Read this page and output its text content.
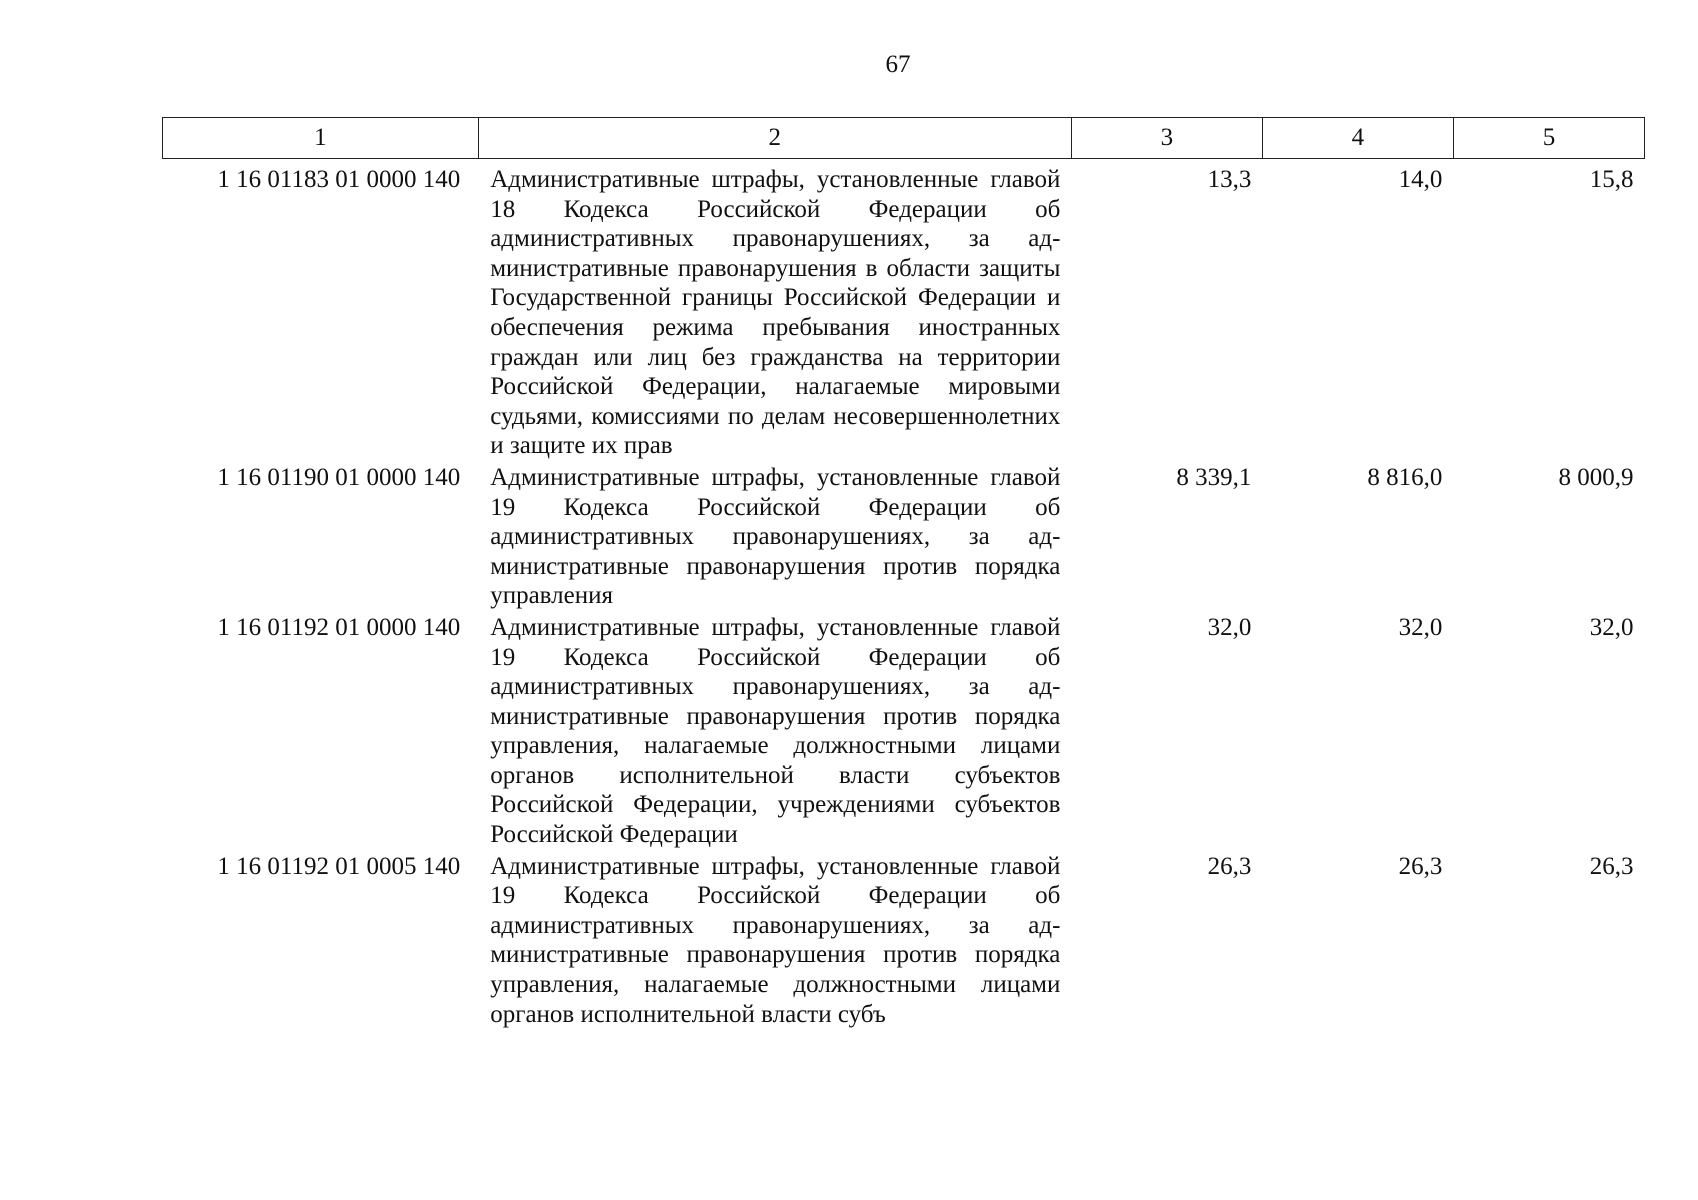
67
1	2	3	4	5
1 16 01183 01 0000 140	Административные штрафы, установленные главой 18 Кодекса Российской Федерации об административных правонарушениях, за административные правонарушения в области защиты Государственной границы Российской Федерации и обеспечения режима пребывания иностранных граждан или лиц без гражданства на территории Российской Федерации, налагаемые мировыми судьями, комиссиями по делам несовершеннолетних и защите их прав	13,3	14,0	15,8
1 16 01190 01 0000 140	Административные штрафы, установленные главой 19 Кодекса Российской Федерации об административных правонарушениях, за административные правонарушения против порядка управления	8 339,1	8 816,0	8 000,9
1 16 01192 01 0000 140	Административные штрафы, установленные главой 19 Кодекса Российской Федерации об административных правонарушениях, за административные правонарушения против порядка управления, налагаемые должностными лицами органов исполнительной власти субъектов Российской Федерации, учреждениями субъектов Российской Федерации	32,0	32,0	32,0
1 16 01192 01 0005 140	Административные штрафы, установленные главой 19 Кодекса Российской Федерации об административных правонарушениях, за административные правонарушения против порядка управления, налагаемые должностными лицами органов исполнительной власти субъ	26,3	26,3	26,3
